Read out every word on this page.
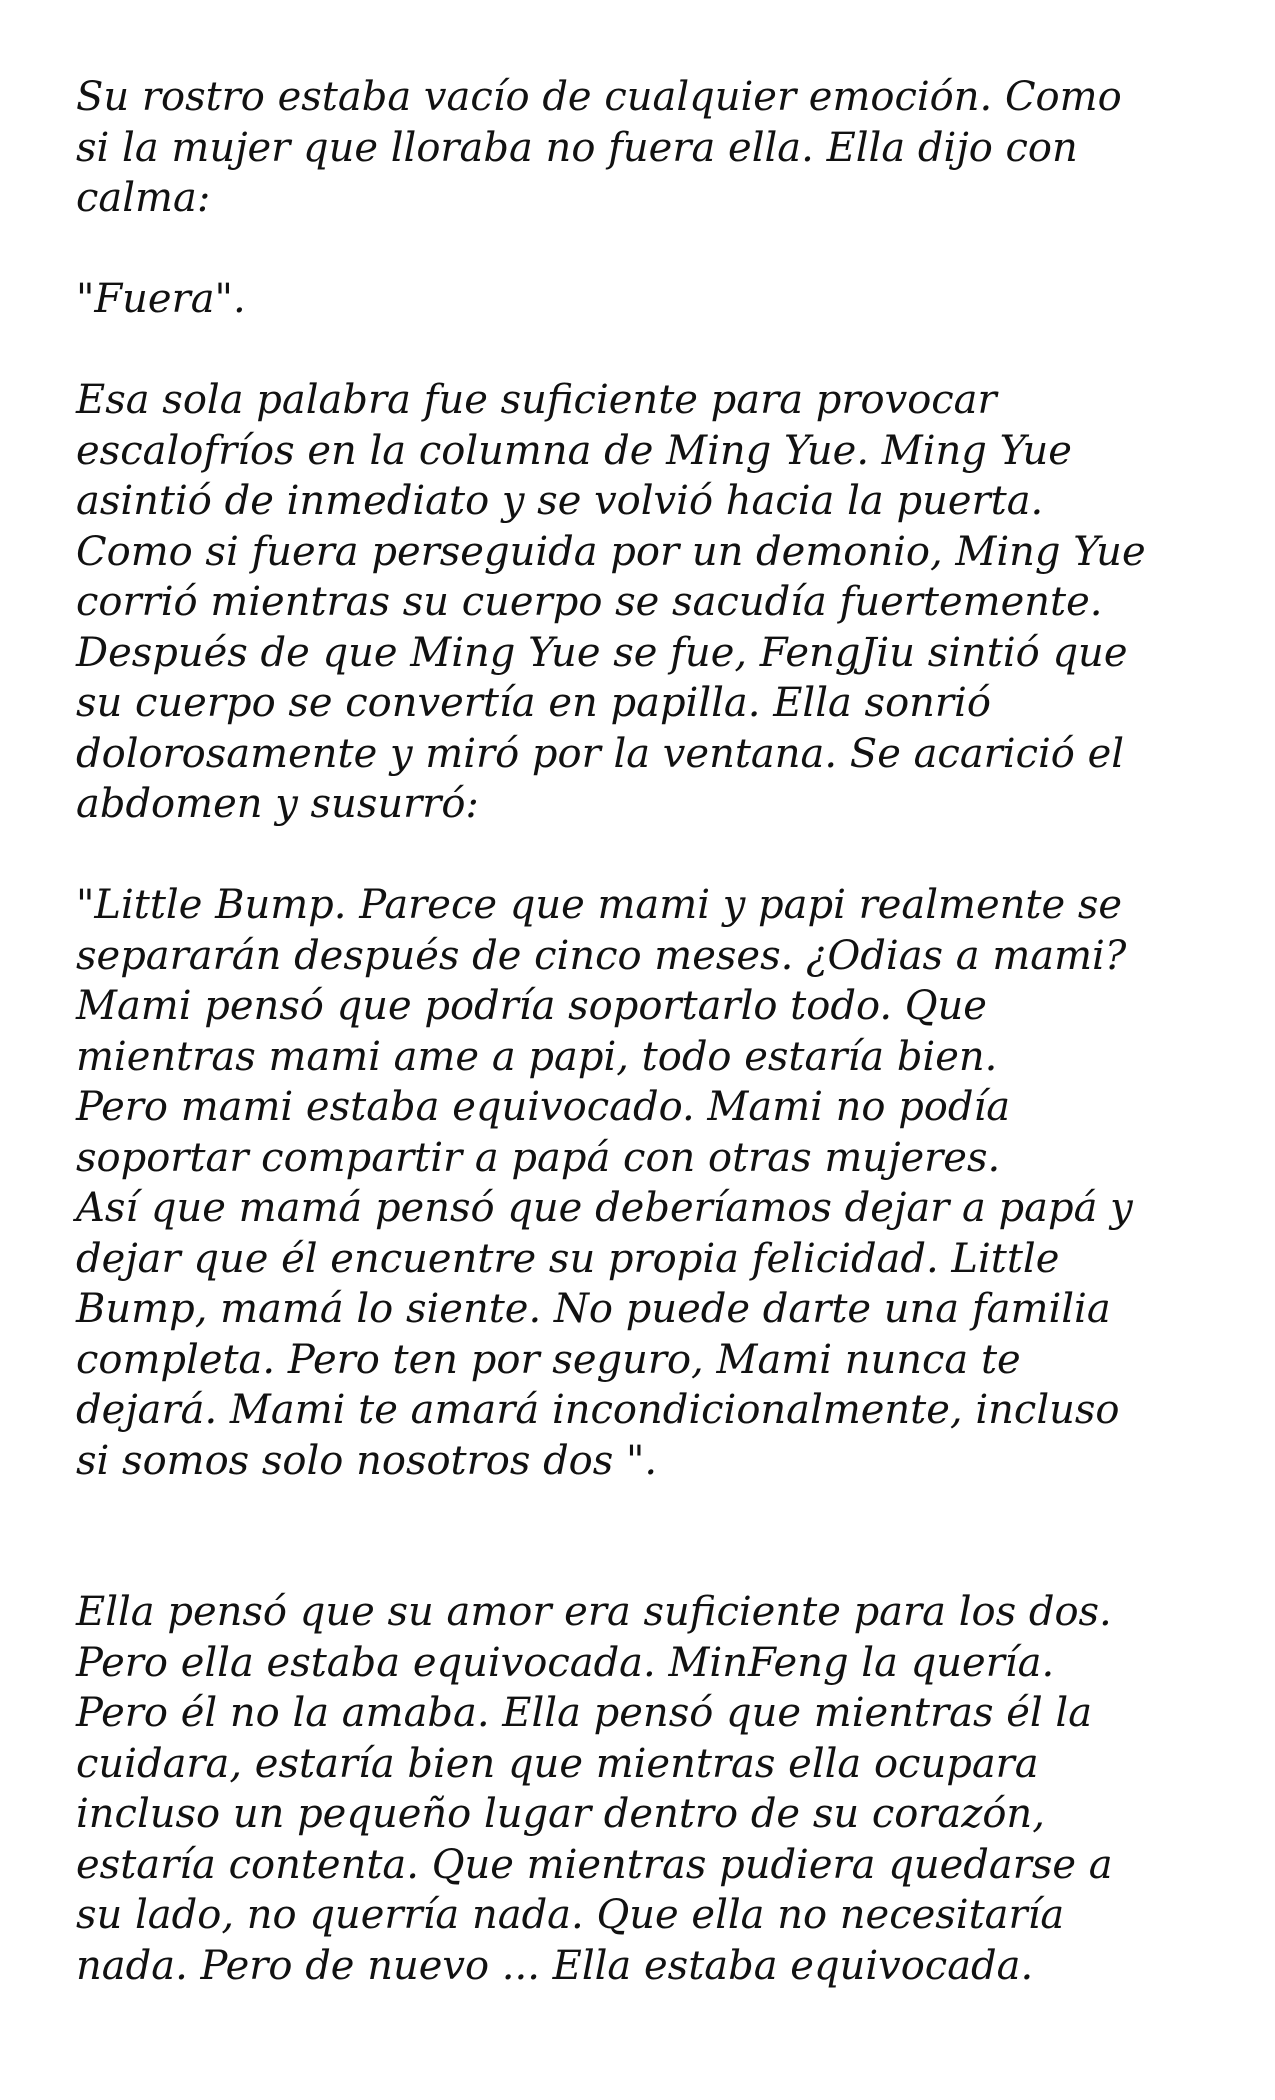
Su rostro estaba vacío de cualquier emoción. Como
si la mujer que lloraba no fuera ella. Ella dijo con
calma:
"Fuera".
Esa sola palabra fue suficiente para provocar
escalofríos en la columna de Ming Yue. Ming Yue
asintió de inmediato y se volvió hacia la puerta.
Como si fuera perseguida por un demonio, Ming Yue
corrió mientras su cuerpo se sacudía fuertemente.
Después de que Ming Yue se fue, FengJiu sintió que
su cuerpo se convertía en papilla. Ella sonrió
dolorosamente y miró por la ventana. Se acarició el
abdomen y susurró:
"Little Bump. Parece que mami y papi realmente se
separarán después de cinco meses. ¿Odias a mami?
Mami pensó que podría soportarlo todo. Que
mientras mami ame a papi, todo estaría bien.
Pero mami estaba equivocado. Mami no podía
soportar compartir a papá con otras mujeres.
Así que mamá pensó que deberíamos dejar a papá y
dejar que él encuentre su propia felicidad. Little
Bump, mamá lo siente. No puede darte una familia
completa. Pero ten por seguro, Mami nunca te
dejará. Mami te amará incondicionalmente, incluso
si somos solo nosotros dos ".
Ella pensó que su amor era suficiente para los dos.
Pero ella estaba equivocada. MinFeng la quería.
Pero él no la amaba. Ella pensó que mientras él la
cuidara, estaría bien que mientras ella ocupara
incluso un pequeño lugar dentro de su corazón,
estaría contenta. Que mientras pudiera quedarse a
su lado, no querría nada. Que ella no necesitaría
nada. Pero de nuevo ... Ella estaba equivocada.
